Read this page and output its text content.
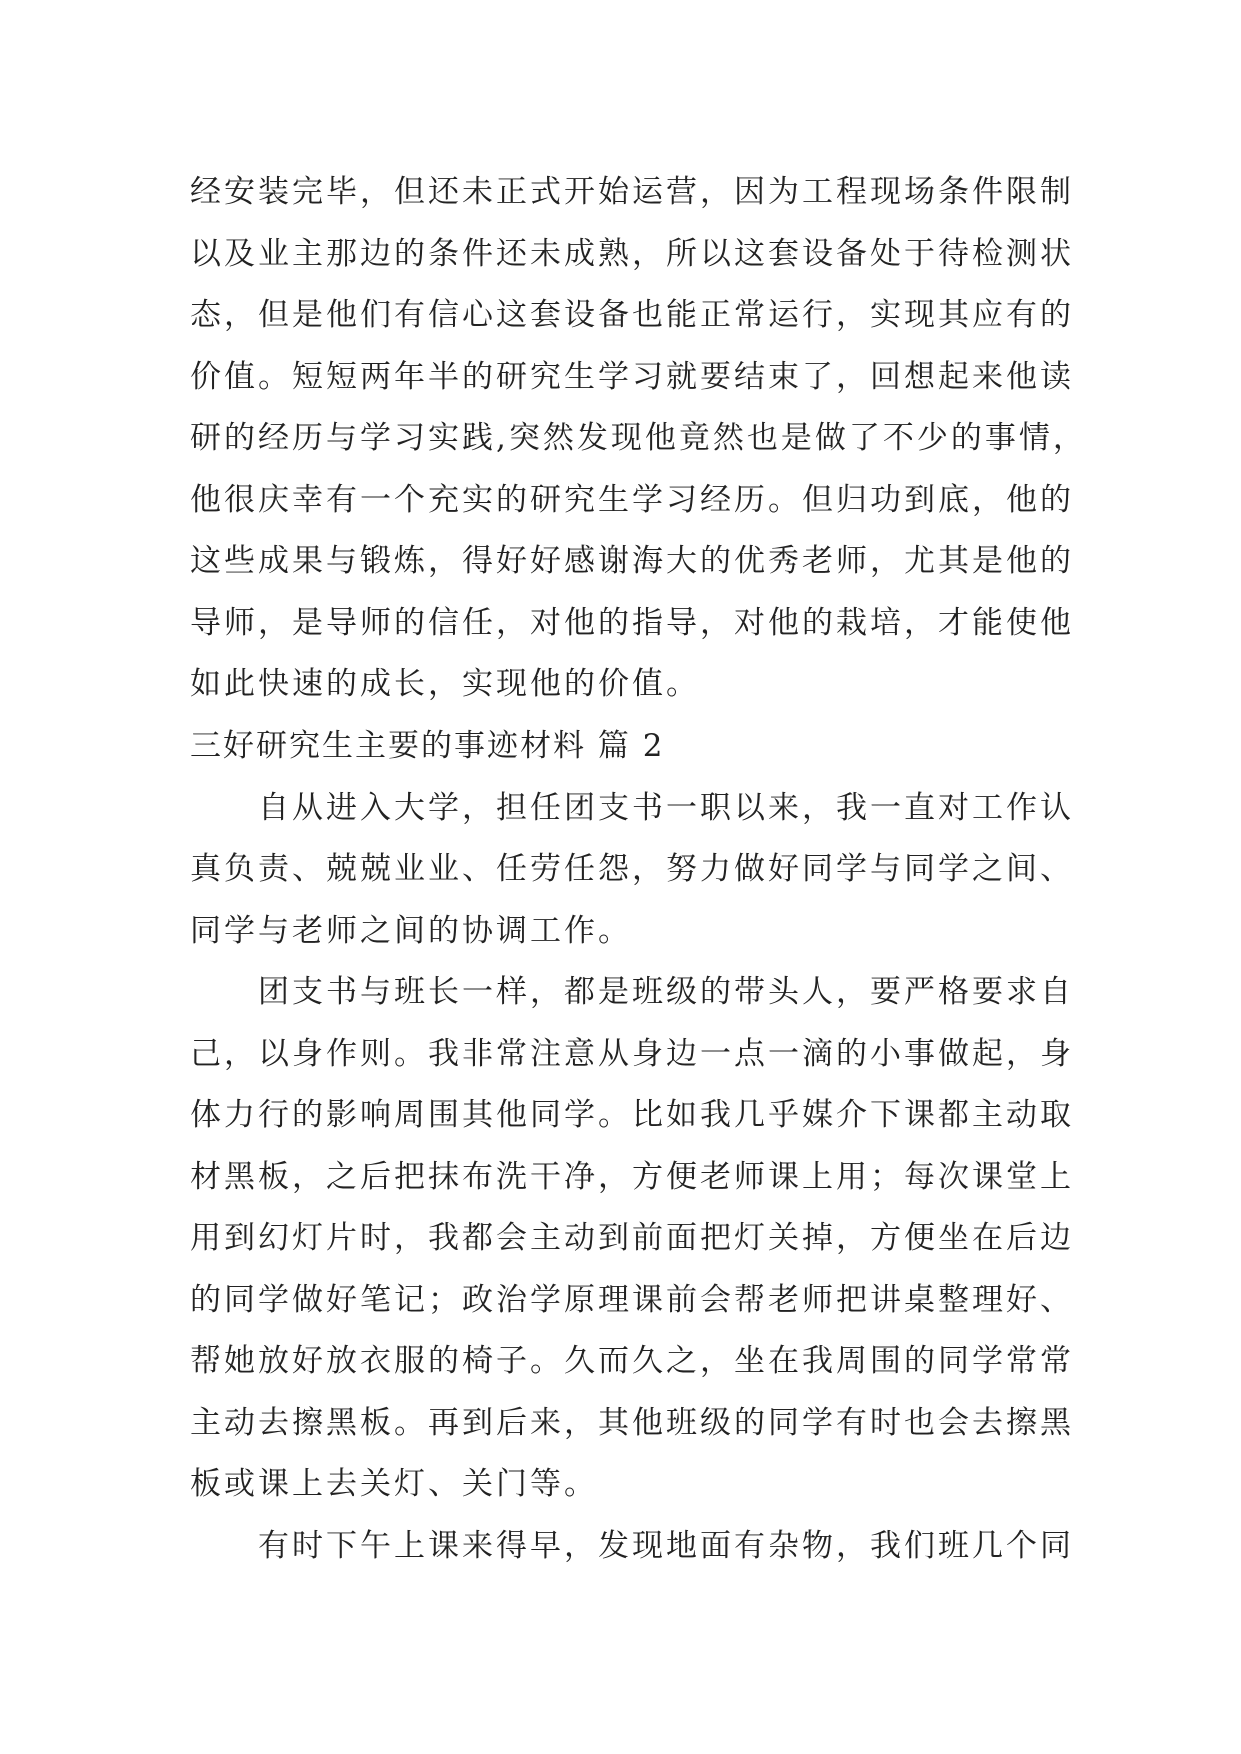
经安装完毕，但还未正式开始运营，因为工程现场条件限制
以及业主那边的条件还未成熟，所以这套设备处于待检测状
态，但是他们有信心这套设备也能正常运行，实现其应有的
价值。短短两年半的研究生学习就要结束了，回想起来他读
研的经历与学习实践,突然发现他竟然也是做了不少的事情，
他很庆幸有一个充实的研究生学习经历。但归功到底，他的
这些成果与锻炼，得好好感谢海大的优秀老师，尤其是他的
导师，是导师的信任，对他的指导，对他的栽培，才能使他
如此快速的成长，实现他的价值。
三好研究生主要的事迹材料 篇 2
自从进入大学，担任团支书一职以来，我一直对工作认
真负责、兢兢业业、任劳任怨，努力做好同学与同学之间、
同学与老师之间的协调工作。
团支书与班长一样，都是班级的带头人，要严格要求自
己，以身作则。我非常注意从身边一点一滴的小事做起，身
体力行的影响周围其他同学。比如我几乎媒介下课都主动取
材黑板，之后把抹布洗干净，方便老师课上用；每次课堂上
用到幻灯片时，我都会主动到前面把灯关掉，方便坐在后边
的同学做好笔记；政治学原理课前会帮老师把讲桌整理好、
帮她放好放衣服的椅子。久而久之，坐在我周围的同学常常
主动去擦黑板。再到后来，其他班级的同学有时也会去擦黑
板或课上去关灯、关门等。
有时下午上课来得早，发现地面有杂物，我们班几个同
